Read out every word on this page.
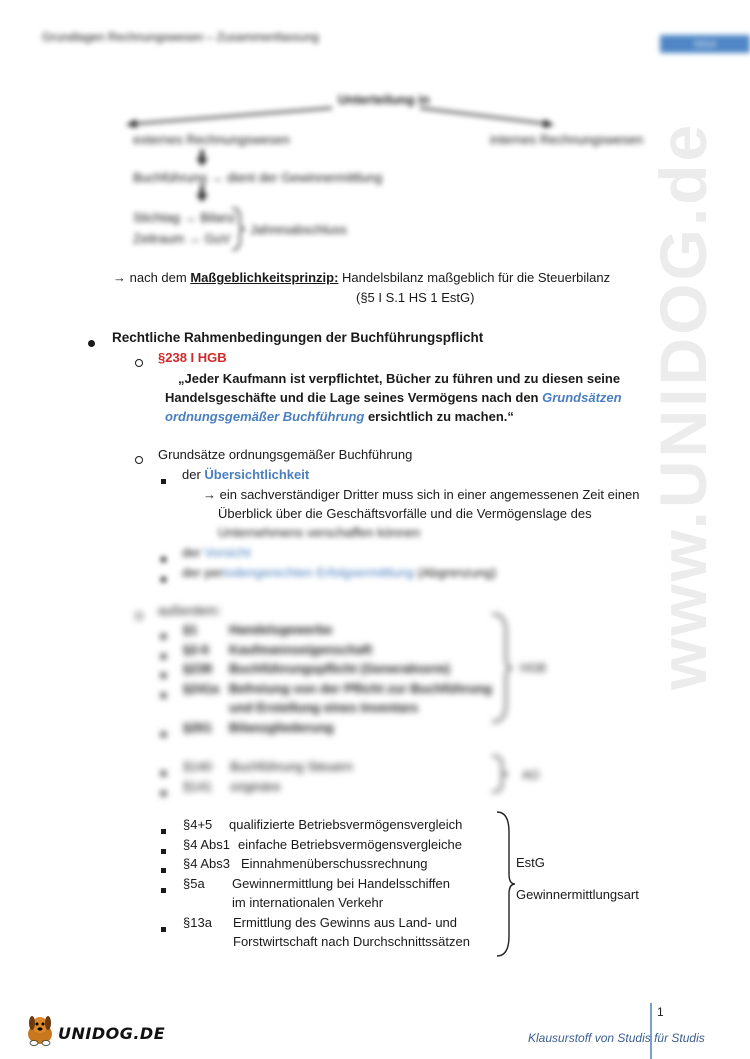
www.UNIDOG.de
Grundlagen Rechnungswesen – Zusammenfassung	SS14
Unterteilung in
externes Rechnungswesen	internes Rechnungswesen
Buchführung → dient der Gewinnermittlung
Stichtag → Bilanz
Zeitraum → GuV
Jahresabschluss
→ nach dem Maßgeblichkeitsprinzip: Handelsbilanz maßgeblich für die Steuerbilanz
(§5 I S.1 HS 1 EstG)
Rechtliche Rahmenbedingungen der Buchführungspflicht
§238 I HGB
„Jeder Kaufmann ist verpflichtet, Bücher zu führen und zu diesen seine
Handelsgeschäfte und die Lage seines Vermögens nach den Grundsätzen
ordnungsgemäßer Buchführung ersichtlich zu machen.“
Grundsätze ordnungsgemäßer Buchführung
der Übersichtlichkeit
→ ein sachverständiger Dritter muss sich in einer angemessenen Zeit einen
Überblick über die Geschäftsvorfälle und die Vermögenslage des
Unternehmens verschaffen können
der Vorsicht
der periodengerechten Erfolgsermittlung (Abgrenzung)
außerdem:
§1 Handelsgewerbe
§2-6 Kaufmannseigenschaft
§238 Buchführungspflicht (Generalnorm)
§241a Befreiung von der Pflicht zur Buchführung
und Erstellung eines Inventars
§261 Bilanzgliederung
HGB
§140 Buchführung Steuern
§141 originäre
AO
§4+5 qualifizierte Betriebsvermögensvergleich
§4 Abs1 einfache Betriebsvermögensvergleiche
§4 Abs3 Einnahmenüberschussrechnung
§5a Gewinnermittlung bei Handelsschiffen
im internationalen Verkehr
§13a Ermittlung des Gewinns aus Land- und
Forstwirtschaft nach Durchschnittssätzen
EstG
Gewinnermittlungsart
1
Klausurstoff von Studis für Studis
UNIDOG.DE
